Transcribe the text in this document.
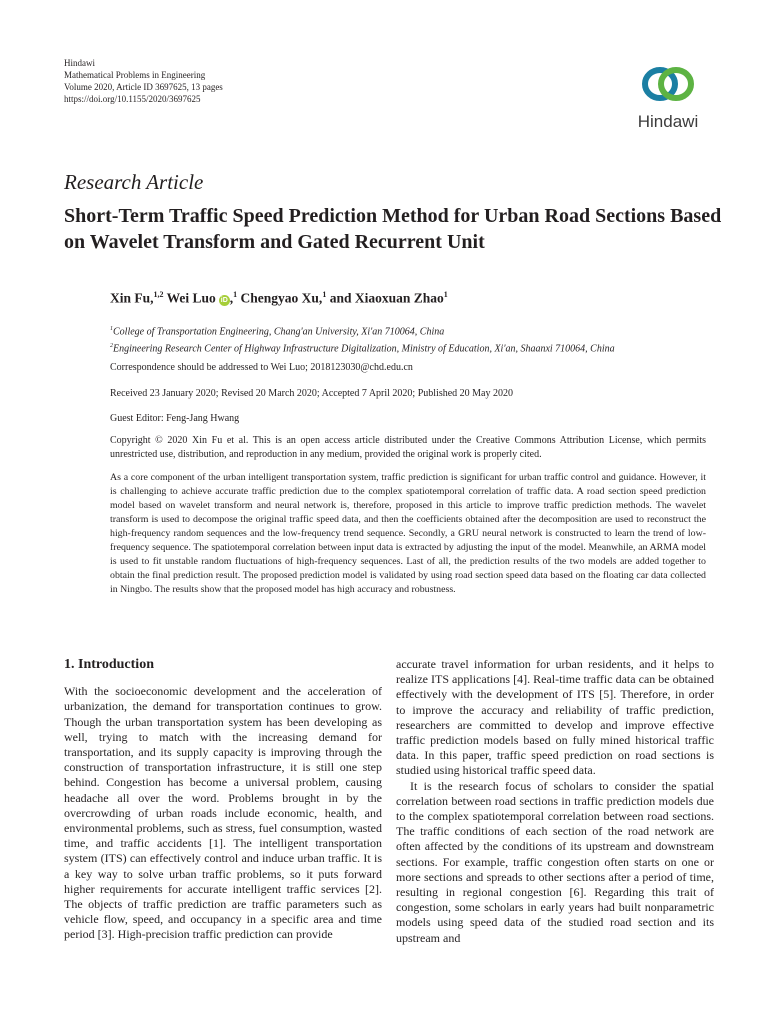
Hindawi
Mathematical Problems in Engineering
Volume 2020, Article ID 3697625, 13 pages
https://doi.org/10.1155/2020/3697625
Hindawi
Research Article
Short-Term Traffic Speed Prediction Method for Urban Road Sections Based on Wavelet Transform and Gated Recurrent Unit
Xin Fu,$^{1,2}$ Wei Luo iD ,$^1$ Chengyao Xu,$^1$ and Xiaoxuan Zhao$^1$
$^1$College of Transportation Engineering, Chang'an University, Xi'an 710064, China
$^2$Engineering Research Center of Highway Infrastructure Digitalization, Ministry of Education, Xi'an, Shaanxi 710064, China
Correspondence should be addressed to Wei Luo; 2018123030@chd.edu.cn
Received 23 January 2020; Revised 20 March 2020; Accepted 7 April 2020; Published 20 May 2020
Guest Editor: Feng-Jang Hwang
Copyright © 2020 Xin Fu et al. This is an open access article distributed under the Creative Commons Attribution License, which permits unrestricted use, distribution, and reproduction in any medium, provided the original work is properly cited.
As a core component of the urban intelligent transportation system, traffic prediction is significant for urban traffic control and guidance. However, it is challenging to achieve accurate traffic prediction due to the complex spatiotemporal correlation of traffic data. A road section speed prediction model based on wavelet transform and neural network is, therefore, proposed in this article to improve traffic prediction methods. The wavelet transform is used to decompose the original traffic speed data, and then the coefficients obtained after the decomposition are used to reconstruct the high-frequency random sequences and the low-frequency trend sequence. Secondly, a GRU neural network is constructed to learn the trend of low-frequency sequence. The spatiotemporal correlation between input data is extracted by adjusting the input of the model. Meanwhile, an ARMA model is used to fit unstable random fluctuations of high-frequency sequences. Last of all, the prediction results of the two models are added together to obtain the final prediction result. The proposed prediction model is validated by using road section speed data based on the floating car data collected in Ningbo. The results show that the proposed model has high accuracy and robustness.
1. Introduction

With the socioeconomic development and the acceleration of urbanization, the demand for transportation continues to grow. Though the urban transportation system has been developing as well, trying to match with the increasing demand for transportation, and its supply capacity is improving through the construction of transportation infrastructure, it is still one step behind. Congestion has become a universal problem, causing headache all over the word. Problems brought in by the overcrowding of urban roads include economic, health, and environmental problems, such as stress, fuel consumption, wasted time, and traffic accidents [1]. The intelligent transportation system (ITS) can effectively control and induce urban traffic. It is a key way to solve urban traffic problems, so it puts forward higher requirements for accurate intelligent traffic services [2]. The objects of traffic prediction are traffic parameters such as vehicle flow, speed, and occupancy in a specific area and time period [3]. High-precision traffic prediction can provide

accurate travel information for urban residents, and it helps to realize ITS applications [4]. Real-time traffic data can be obtained effectively with the development of ITS [5]. Therefore, in order to improve the accuracy and reliability of traffic prediction, researchers are committed to develop and improve effective traffic prediction models based on fully mined historical traffic data. In this paper, traffic speed prediction on road sections is studied using historical traffic speed data.

It is the research focus of scholars to consider the spatial correlation between road sections in traffic prediction models due to the complex spatiotemporal correlation between road sections. The traffic conditions of each section of the road network are often affected by the conditions of its upstream and downstream sections. For example, traffic congestion often starts on one or more sections and spreads to other sections after a period of time, resulting in regional congestion [6]. Regarding this trait of congestion, some scholars in early years had built nonparametric models using speed data of the studied road section and its upstream and
